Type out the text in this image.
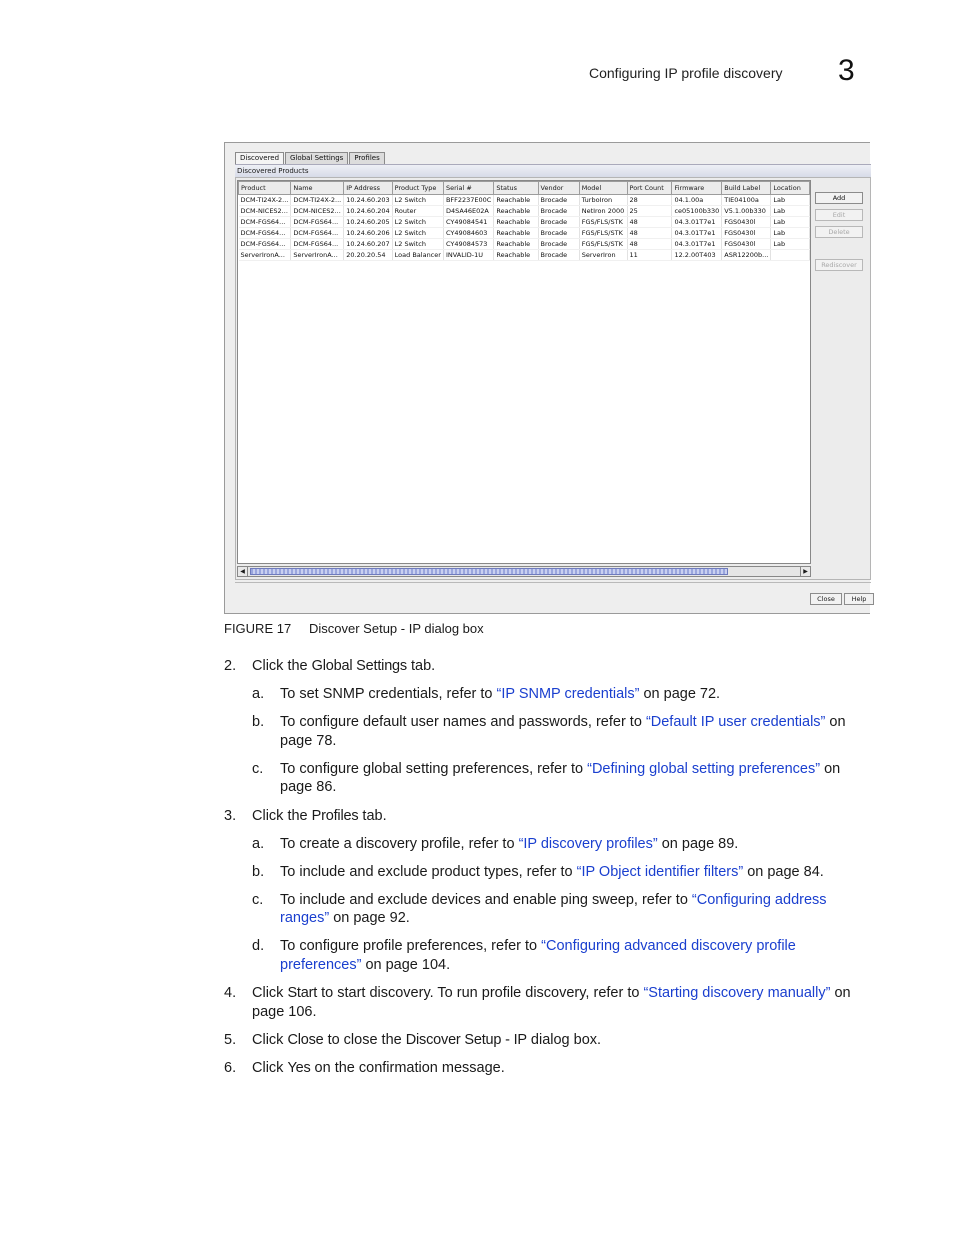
Configuring IP profile discovery 3
Discovered	Global Settings	Profiles
Discovered Products
Product	Name	IP Address	Product Type	Serial #	Status	Vendor	Model	Port Count	Firmware	Build Label	Location
DCM-TI24X-2...	DCM-TI24X-2...	10.24.60.203	L2 Switch	BFF2237E00C	Reachable	Brocade	TurboIron	28	04.1.00a	TIE04100a	Lab
DCM-NICES2...	DCM-NICES2...	10.24.60.204	Router	D4SA46E02A	Reachable	Brocade	NetIron 2000	25	ce05100b330	V5.1.00b330	Lab
DCM-FGS64...	DCM-FGS64...	10.24.60.205	L2 Switch	CY49084541	Reachable	Brocade	FGS/FLS/STK	48	04.3.01T7e1	FGS0430l	Lab
DCM-FGS64...	DCM-FGS64...	10.24.60.206	L2 Switch	CY49084603	Reachable	Brocade	FGS/FLS/STK	48	04.3.01T7e1	FGS0430l	Lab
DCM-FGS64...	DCM-FGS64...	10.24.60.207	L2 Switch	CY49084573	Reachable	Brocade	FGS/FLS/STK	48	04.3.01T7e1	FGS0430l	Lab
ServerIronA...	ServerIronA...	20.20.20.54	Load Balancer	INVALID-1U	Reachable	Brocade	ServerIron	11	12.2.00T403	ASR12200b...	
◀	▶
Add
Edit
Delete
Rediscover
Close	Help
FIGURE 17 Discover Setup - IP dialog box
2. Click the Global Settings tab.
a. To set SNMP credentials, refer to “IP SNMP credentials” on page 72.
b. To configure default user names and passwords, refer to “Default IP user credentials” on
page 78.
c. To configure global setting preferences, refer to “Defining global setting preferences” on
page 86.
3. Click the Profiles tab.
a. To create a discovery profile, refer to “IP discovery profiles” on page 89.
b. To include and exclude product types, refer to “IP Object identifier filters” on page 84.
c. To include and exclude devices and enable ping sweep, refer to “Configuring address
ranges” on page 92.
d. To configure profile preferences, refer to “Configuring advanced discovery profile
preferences” on page 104.
4. Click Start to start discovery. To run profile discovery, refer to “Starting discovery manually” on
page 106.
5. Click Close to close the Discover Setup - IP dialog box.
6. Click Yes on the confirmation message.
